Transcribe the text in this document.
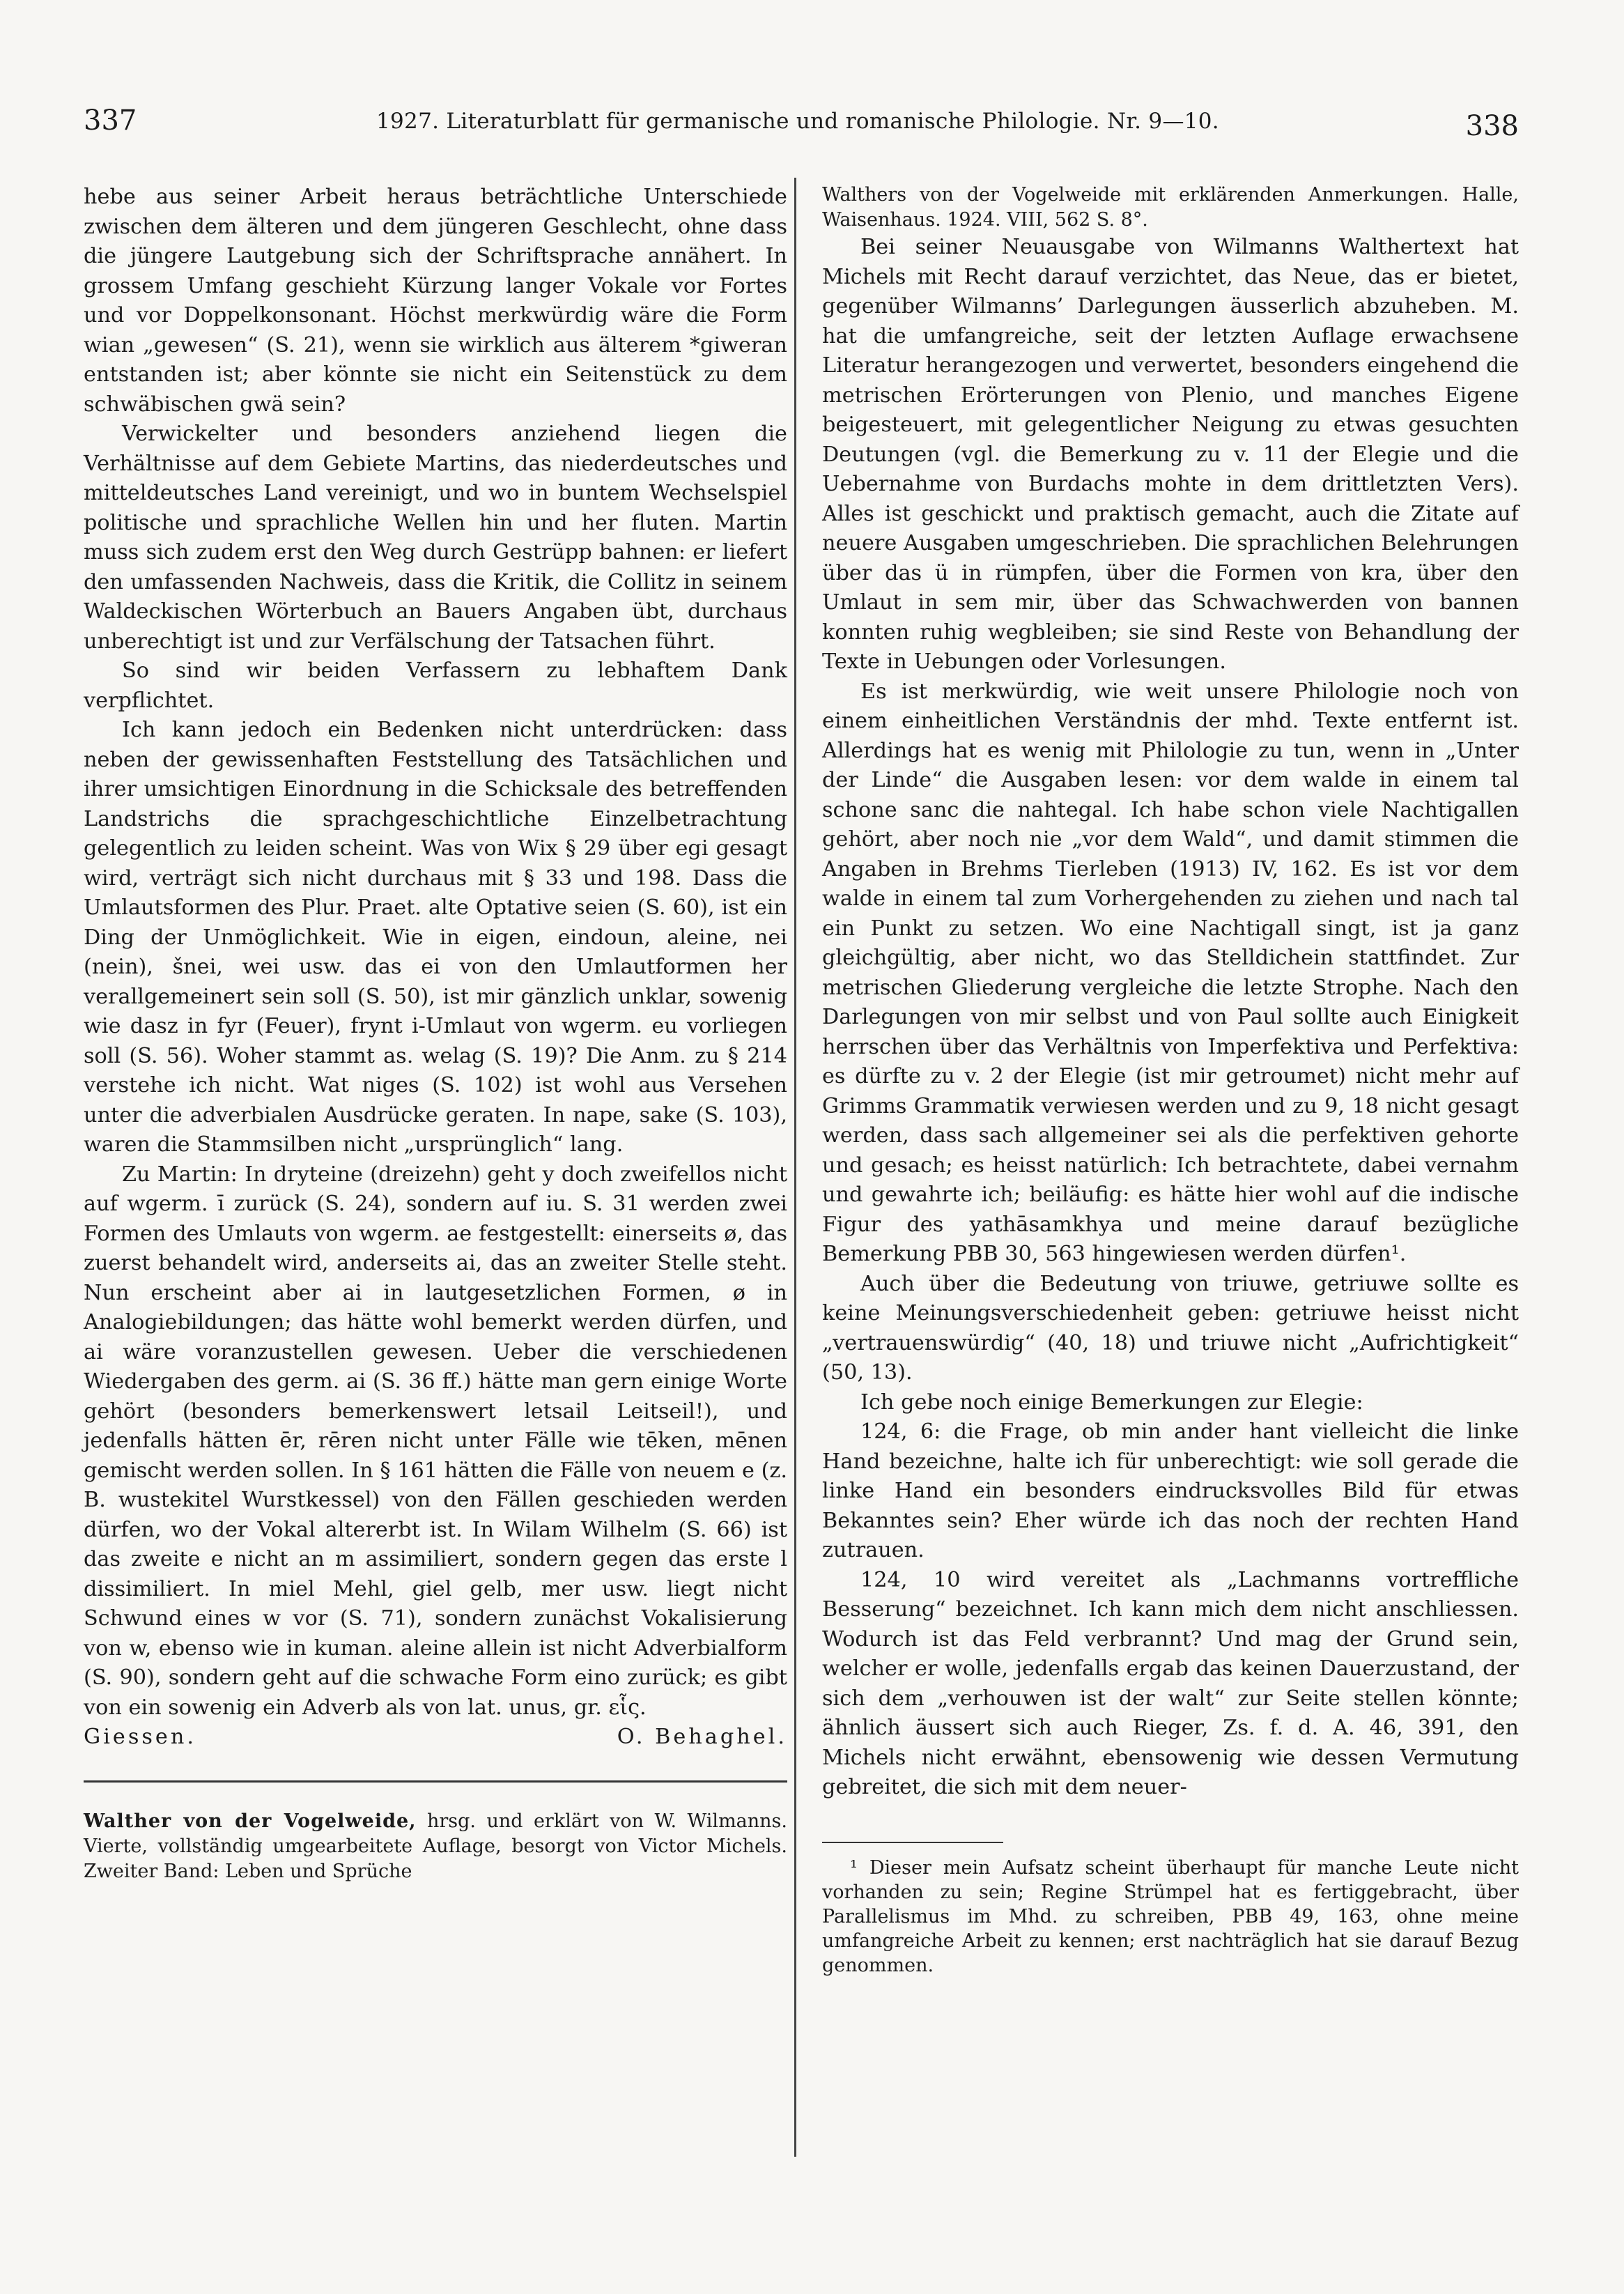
337	1927. Literaturblatt für germanische und romanische Philologie. Nr. 9—10.	338

hebe aus seiner Arbeit heraus beträchtliche Unterschiede zwischen dem älteren und dem jüngeren Geschlecht, ohne dass die jüngere Lautgebung sich der Schriftsprache annähert. In grossem Umfang geschieht Kürzung langer Vokale vor Fortes und vor Doppelkonsonant. Höchst merkwürdig wäre die Form wian „gewesen“ (S. 21), wenn sie wirklich aus älterem *giweran entstanden ist; aber könnte sie nicht ein Seitenstück zu dem schwäbischen gwä sein?

Verwickelter und besonders anziehend liegen die Verhältnisse auf dem Gebiete Martins, das niederdeutsches und mitteldeutsches Land vereinigt, und wo in buntem Wechselspiel politische und sprachliche Wellen hin und her fluten. Martin muss sich zudem erst den Weg durch Gestrüpp bahnen: er liefert den umfassenden Nachweis, dass die Kritik, die Collitz in seinem Waldeckischen Wörterbuch an Bauers Angaben übt, durchaus unberechtigt ist und zur Verfälschung der Tatsachen führt.

So sind wir beiden Verfassern zu lebhaftem Dank verpflichtet.

Ich kann jedoch ein Bedenken nicht unterdrücken: dass neben der gewissenhaften Feststellung des Tatsächlichen und ihrer umsichtigen Einordnung in die Schicksale des betreffenden Landstrichs die sprachgeschichtliche Einzelbetrachtung gelegentlich zu leiden scheint. Was von Wix § 29 über egi gesagt wird, verträgt sich nicht durchaus mit § 33 und 198. Dass die Umlautsformen des Plur. Praet. alte Optative seien (S. 60), ist ein Ding der Unmöglichkeit. Wie in eigen, eindoun, aleine, nei (nein), šnei, wei usw. das ei von den Umlautformen her verallgemeinert sein soll (S. 50), ist mir gänzlich unklar, sowenig wie dasz in fyr (Feuer), frynt i-Umlaut von wgerm. eu vorliegen soll (S. 56). Woher stammt as. welag (S. 19)? Die Anm. zu § 214 verstehe ich nicht. Wat niges (S. 102) ist wohl aus Versehen unter die adverbialen Ausdrücke geraten. In nape, sake (S. 103), waren die Stammsilben nicht „ursprünglich“ lang.

Zu Martin: In dryteine (dreizehn) geht y doch zweifellos nicht auf wgerm. ī zurück (S. 24), sondern auf iu. S. 31 werden zwei Formen des Umlauts von wgerm. ae festgestellt: einerseits ø, das zuerst behandelt wird, anderseits ai, das an zweiter Stelle steht. Nun erscheint aber ai in lautgesetzlichen Formen, ø in Analogiebildungen; das hätte wohl bemerkt werden dürfen, und ai wäre voranzustellen gewesen. Ueber die verschiedenen Wiedergaben des germ. ai (S. 36 ff.) hätte man gern einige Worte gehört (besonders bemerkenswert letsail Leitseil!), und jedenfalls hätten ēr, rēren nicht unter Fälle wie tēken, mēnen gemischt werden sollen. In § 161 hätten die Fälle von neuem e (z. B. wustekitel Wurstkessel) von den Fällen geschieden werden dürfen, wo der Vokal altererbt ist. In Wilam Wilhelm (S. 66) ist das zweite e nicht an m assimiliert, sondern gegen das erste l dissimiliert. In miel Mehl, giel gelb, mer usw. liegt nicht Schwund eines w vor (S. 71), sondern zunächst Vokalisierung von w, ebenso wie in kuman. aleine allein ist nicht Adverbialform (S. 90), sondern geht auf die schwache Form eino zurück; es gibt von ein sowenig ein Adverb als von lat. unus, gr. εἷς.

Giessen.	O. Behaghel.

Walther von der Vogelweide, hrsg. und erklärt von W. Wilmanns. Vierte, vollständig umgearbeitete Auflage, besorgt von Victor Michels. Zweiter Band: Leben und Sprüche

Walthers von der Vogelweide mit erklärenden Anmerkungen. Halle, Waisenhaus. 1924. VIII, 562 S. 8°.

Bei seiner Neuausgabe von Wilmanns Walthertext hat Michels mit Recht darauf verzichtet, das Neue, das er bietet, gegenüber Wilmanns’ Darlegungen äusserlich abzuheben. M. hat die umfangreiche, seit der letzten Auflage erwachsene Literatur herangezogen und verwertet, besonders eingehend die metrischen Erörterungen von Plenio, und manches Eigene beigesteuert, mit gelegentlicher Neigung zu etwas gesuchten Deutungen (vgl. die Bemerkung zu v. 11 der Elegie und die Uebernahme von Burdachs mohte in dem drittletzten Vers). Alles ist geschickt und praktisch gemacht, auch die Zitate auf neuere Ausgaben umgeschrieben. Die sprachlichen Belehrungen über das ü in rümpfen, über die Formen von kra, über den Umlaut in sem mir, über das Schwachwerden von bannen konnten ruhig wegbleiben; sie sind Reste von Behandlung der Texte in Uebungen oder Vorlesungen.

Es ist merkwürdig, wie weit unsere Philologie noch von einem einheitlichen Verständnis der mhd. Texte entfernt ist. Allerdings hat es wenig mit Philologie zu tun, wenn in „Unter der Linde“ die Ausgaben lesen: vor dem walde in einem tal schone sanc die nahtegal. Ich habe schon viele Nachtigallen gehört, aber noch nie „vor dem Wald“, und damit stimmen die Angaben in Brehms Tierleben (1913) IV, 162. Es ist vor dem walde in einem tal zum Vorhergehenden zu ziehen und nach tal ein Punkt zu setzen. Wo eine Nachtigall singt, ist ja ganz gleichgültig, aber nicht, wo das Stelldichein stattfindet. Zur metrischen Gliederung vergleiche die letzte Strophe. Nach den Darlegungen von mir selbst und von Paul sollte auch Einigkeit herrschen über das Verhältnis von Imperfektiva und Perfektiva: es dürfte zu v. 2 der Elegie (ist mir getroumet) nicht mehr auf Grimms Grammatik verwiesen werden und zu 9, 18 nicht gesagt werden, dass sach allgemeiner sei als die perfektiven gehorte und gesach; es heisst natürlich: Ich betrachtete, dabei vernahm und gewahrte ich; beiläufig: es hätte hier wohl auf die indische Figur des yathāsamkhya und meine darauf bezügliche Bemerkung PBB 30, 563 hingewiesen werden dürfen¹.

Auch über die Bedeutung von triuwe, getriuwe sollte es keine Meinungsverschiedenheit geben: getriuwe heisst nicht „vertrauenswürdig“ (40, 18) und triuwe nicht „Aufrichtigkeit“ (50, 13).

Ich gebe noch einige Bemerkungen zur Elegie:

124, 6: die Frage, ob min ander hant vielleicht die linke Hand bezeichne, halte ich für unberechtigt: wie soll gerade die linke Hand ein besonders eindrucksvolles Bild für etwas Bekanntes sein? Eher würde ich das noch der rechten Hand zutrauen.

124, 10 wird vereitet als „Lachmanns vortreffliche Besserung“ bezeichnet. Ich kann mich dem nicht anschliessen. Wodurch ist das Feld verbrannt? Und mag der Grund sein, welcher er wolle, jedenfalls ergab das keinen Dauerzustand, der sich dem „verhouwen ist der walt“ zur Seite stellen könnte; ähnlich äussert sich auch Rieger, Zs. f. d. A. 46, 391, den Michels nicht erwähnt, ebensowenig wie dessen Vermutung gebreitet, die sich mit dem neuer-

¹ Dieser mein Aufsatz scheint überhaupt für manche Leute nicht vorhanden zu sein; Regine Strümpel hat es fertiggebracht, über Parallelismus im Mhd. zu schreiben, PBB 49, 163, ohne meine umfangreiche Arbeit zu kennen; erst nachträglich hat sie darauf Bezug genommen.
